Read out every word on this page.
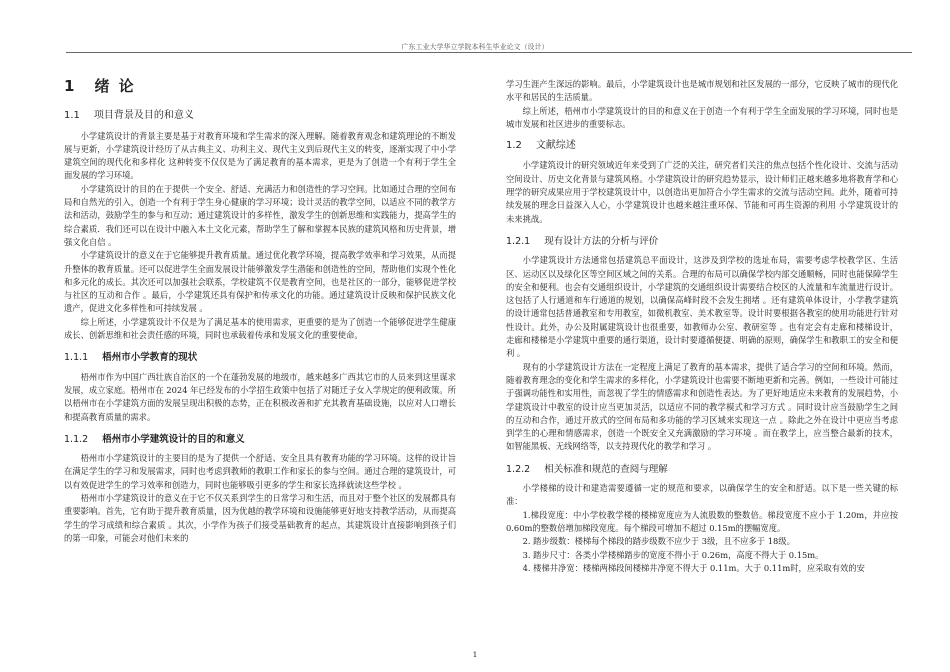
广东工业大学华立学院本科生毕业论文（设计）
1 绪 论
1.1 项目背景及目的和意义

小学建筑设计的背景主要是基于对教育环境和学生需求的深入理解。随着教育观念和建筑理论的不断发展与更新，小学建筑设计经历了从古典主义、功利主义、现代主义到后现代主义的转变，逐渐实现了中小学建筑空间的现代化和多样化 这种转变不仅仅是为了满足教育的基本需求，更是为了创造一个有利于学生全面发展的学习环境。

小学建筑设计的目的在于提供一个安全、舒适、充满活力和创造性的学习空间。比如通过合理的空间布局和自然光的引入，创造一个有利于学生身心健康的学习环境；设计灵活的教学空间，以适应不同的教学方法和活动，鼓励学生的参与和互动；通过建筑设计的多样性，激发学生的创新思维和实践能力，提高学生的综合素质．我们还可以在设计中融入本土文化元素，帮助学生了解和掌握本民族的建筑风格和历史背景，增强文化自信 。

小学建筑设计的意义在于它能够提升教育质量。通过优化教学环境，提高教学效率和学习效果，从而提升整体的教育质量。还可以促进学生全面发展设计能够激发学生潜能和创造性的空间，帮助他们实现个性化和多元化的成长。其次还可以加强社会联系，学校建筑不仅是教育空间，也是社区的一部分，能够促进学校与社区的互动和合作 。最后，小学建筑还具有保护和传承文化的功能。通过建筑设计反映和保护民族文化遗产，促进文化多样性和可持续发展 。

综上所述，小学建筑设计不仅是为了满足基本的使用需求，更重要的是为了创造一个能够促进学生健康成长、创新思维和社会责任感的环境，同时也承载着传承和发展文化的重要使命。

1.1.1 梧州市小学教育的现状

梧州市作为中国广西壮族自治区的一个在蓬勃发展的地级市，越来越多广西其它市的人员来到这里谋求发展，成立家庭。梧州市在 2024 年已经发布的小学招生政策中包括了对随迁子女入学规定的便利政策。所以梧州市在小学建筑方面的发展呈现出积极的态势，正在积极改善和扩充其教育基础设施，以应对人口增长和提高教育质量的需求。

1.1.2 梧州市小学建筑设计的目的和意义

梧州市小学建筑设计的主要目的是为了提供一个舒适、安全且具有教育功能的学习环境。这样的设计旨在满足学生的学习和发展需求，同时也考虑到教师的教职工作和家长的参与空间。通过合理的建筑设计，可以有效促进学生的学习效率和创造力，同时也能够吸引更多的学生和家长选择就读这些学校 。

梧州市小学建筑设计的意义在于它不仅关系到学生的日常学习和生活，而且对于整个社区的发展都具有重要影响。首先，它有助于提升教育质量，因为优越的教学环境和设施能够更好地支持教学活动，从而提高学生的学习成绩和综合素质 。其次，小学作为孩子们接受基础教育的起点，其建筑设计直接影响到孩子们的第一印象，可能会对他们未来的

学习生涯产生深远的影响。最后，小学建筑设计也是城市规划和社区发展的一部分，它反映了城市的现代化水平和居民的生活质量。

综上所述，梧州市小学建筑设计的目的和意义在于创造一个有利于学生全面发展的学习环境，同时也是城市发展和社区进步的重要标志。

1.2 文献综述

小学建筑设计的研究领域近年来受到了广泛的关注，研究者们关注的焦点包括个性化设计、交流与活动空间设计、历史文化背景与建筑风格。小学建筑设计的研究趋势显示，设计师们正越来越多地将教育学和心理学的研究成果应用于学校建筑设计中，以创造出更加符合小学生需求的交流与活动空间。此外，随着可持续发展的理念日益深入人心，小学建筑设计也越来越注重环保、节能和可再生资源的利用 小学建筑设计的未来挑战。

1.2.1 现有设计方法的分析与评价

小学建筑设计方法通常包括建筑总平面设计，这涉及到学校的选址布局，需要考虑学校教学区、生活区、运动区以及绿化区等空间区域之间的关系。合理的布局可以确保学校内部交通顺畅，同时也能保障学生的安全和便利。也会有交通组织设计，小学建筑的交通组织设计需要结合校区的人流量和车流量进行设计。这包括了人行通道和车行通道的规划，以确保高峰时段不会发生拥堵 。还有建筑单体设计，小学教学建筑的设计通常包括普通教室和专用教室，如微机教室、美术教室等。设计时要根据各教室的使用功能进行针对性设计。此外，办公及附属建筑设计也很重要，如教师办公室、教研室等 。也有定会有走廊和楼梯设计，走廊和楼梯是小学建筑中重要的通行渠道，设计时要遵循便捷、明确的原则，确保学生和教职工的安全和便利 。

现有的小学建筑设计方法在一定程度上满足了教育的基本需求，提供了适合学习的空间和环境。然而，随着教育理念的变化和学生需求的多样化，小学建筑设计也需要不断地更新和完善。例如，一些设计可能过于强调功能性和实用性，而忽视了学生的情感需求和创造性表达。为了更好地适应未来教育的发展趋势，小学建筑设计中教室的设计应当更加灵活，以适应不同的教学模式和学习方式 。同时设计应当鼓励学生之间的互动和合作，通过开放式的空间布局和多功能的学习区域来实现这一点 。除此之外在设计中更应当考虑到学生的心理和情感需求，创造一个既安全又充满激励的学习环境 。而在教学上，应当整合最新的技术，如智能黑板、无线网络等，以支持现代化的教学和学习 。

1.2.2 相关标准和规范的查阅与理解

小学楼梯的设计和建造需要遵循一定的规范和要求，以确保学生的安全和舒适。以下是一些关键的标准：

1.梯段宽度：中小学校教学楼的楼梯宽度应为人流股数的整数倍。梯段宽度不应小于 1.20m，并应按 0.60m的整数倍增加梯段宽度。每个梯段可增加不超过 0.15m的摆幅宽度。

2. 踏步级数：楼梯每个梯段的踏步级数不应少于 3级，且不应多于 18级。

3. 踏步尺寸：各类小学楼梯踏步的宽度不得小于 0.26m，高度不得大于 0.15m。

4. 楼梯井净宽：楼梯两梯段间楼梯井净宽不得大于 0.11m。大于 0.11m时，应采取有效的安

1
